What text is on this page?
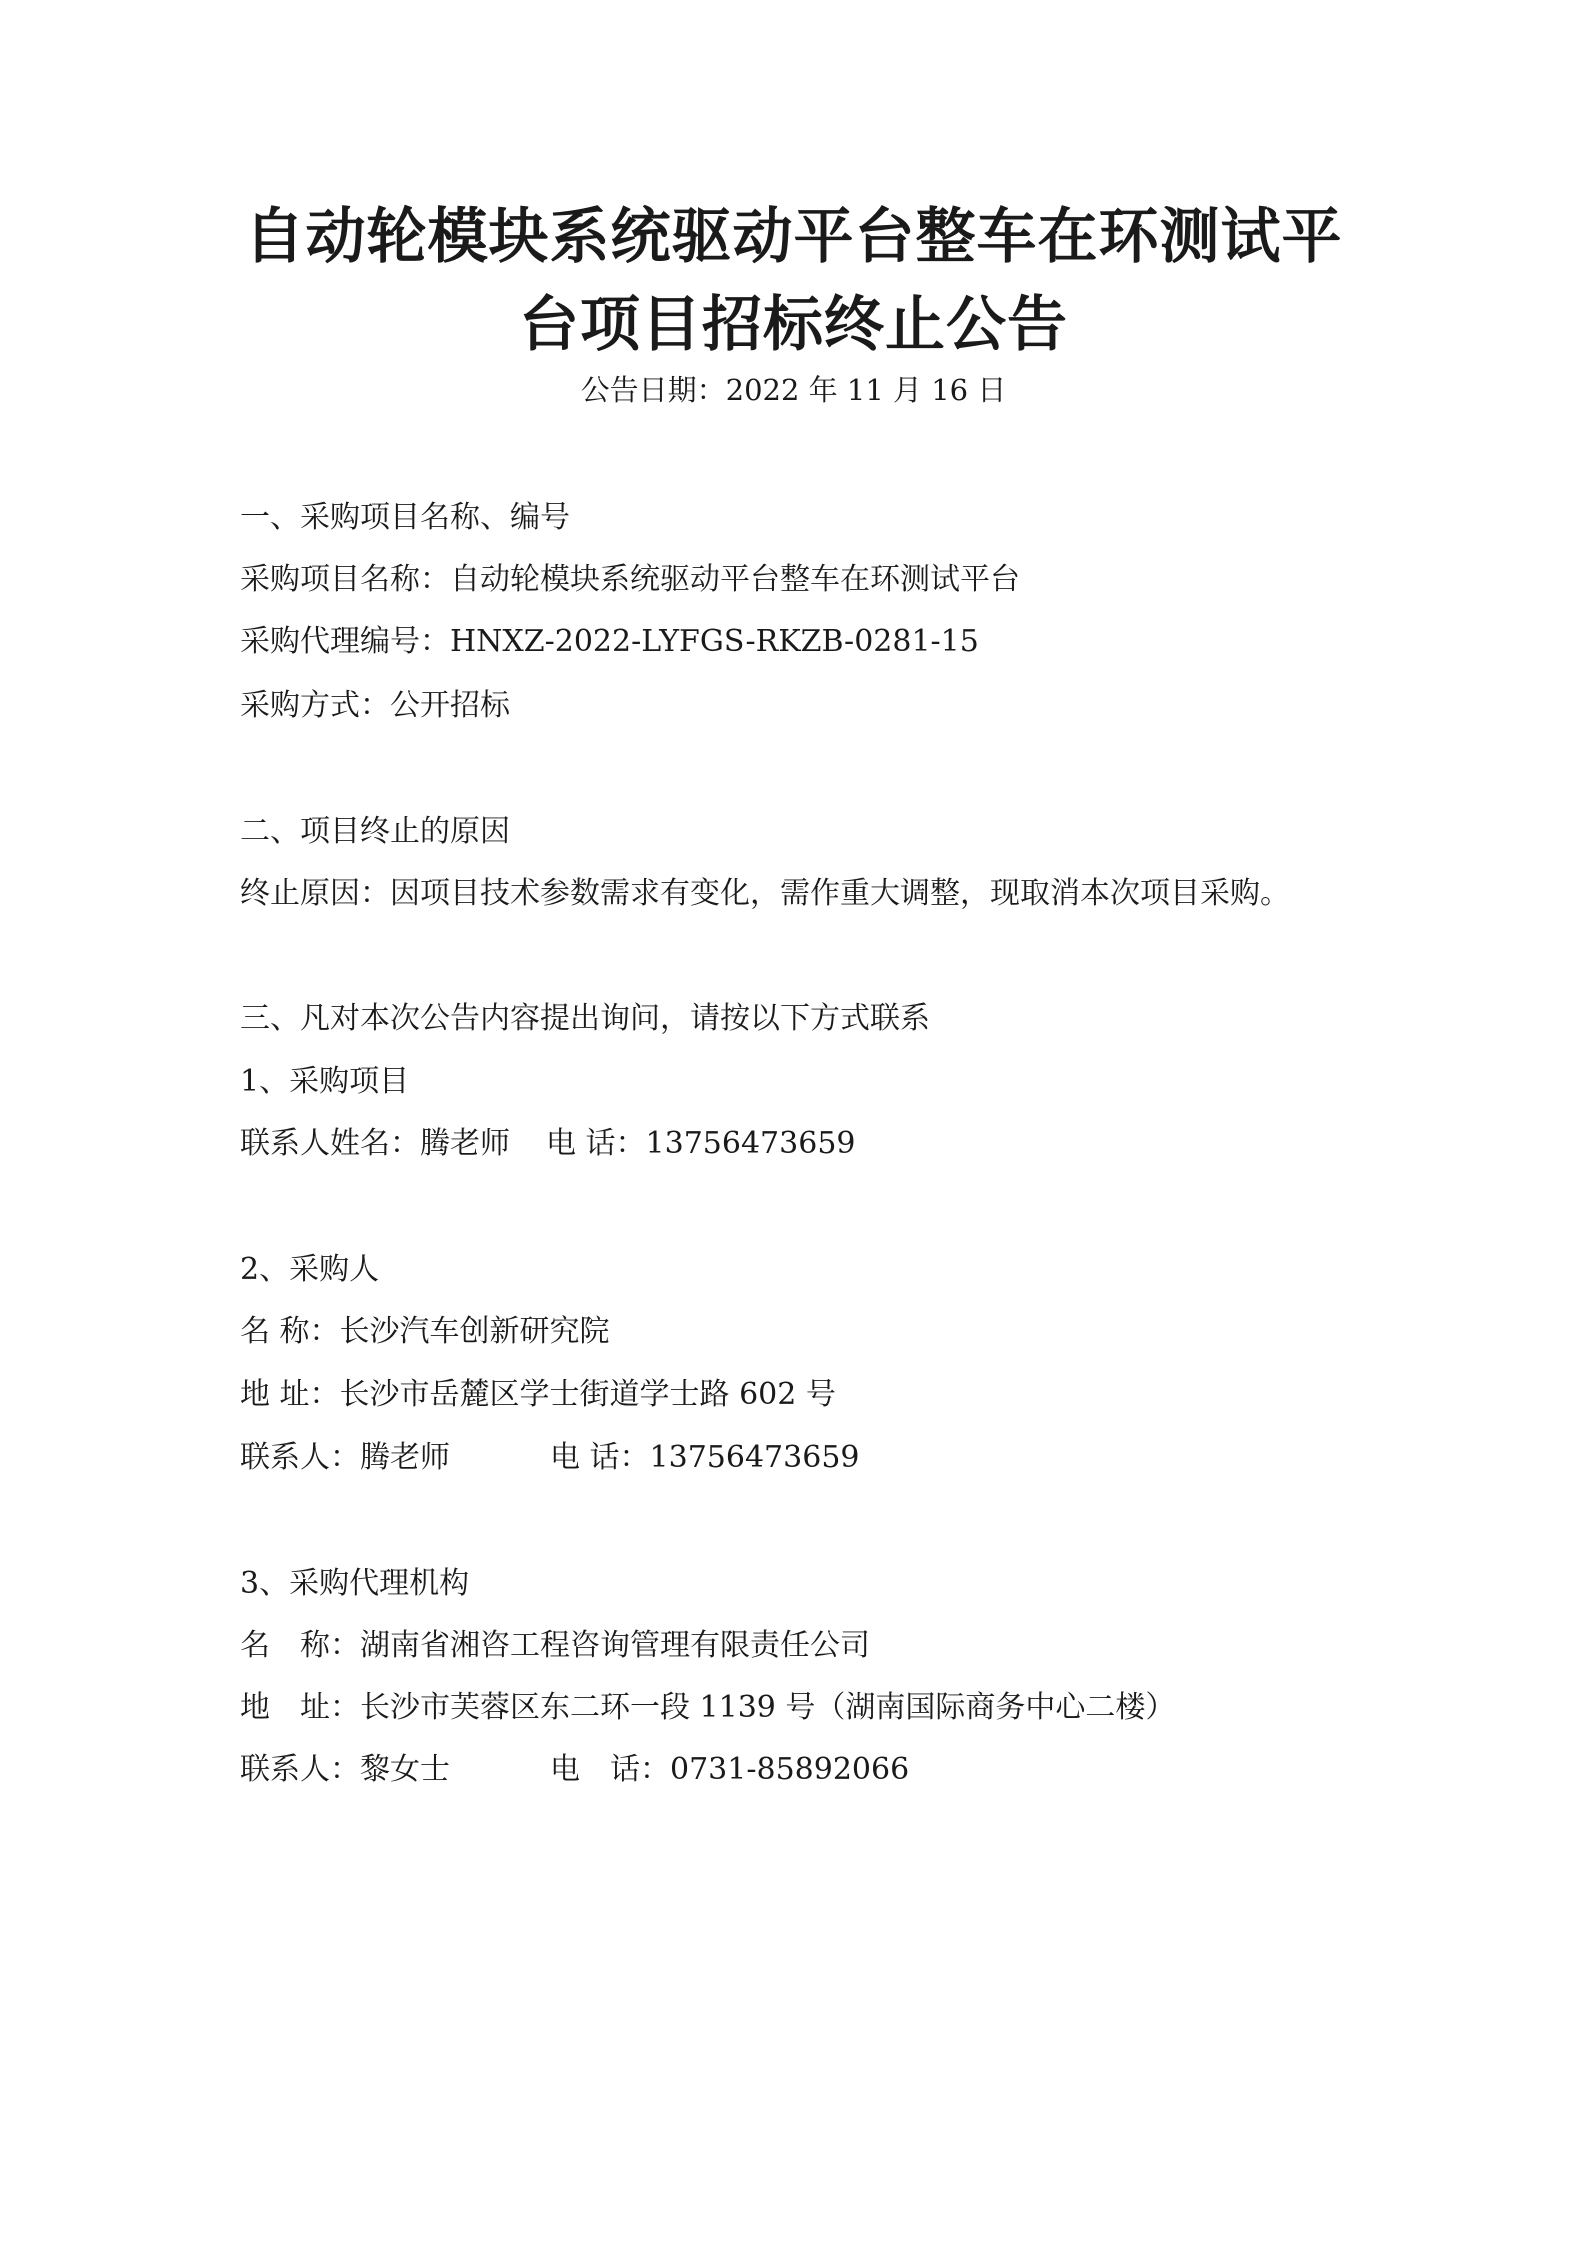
自动轮模块系统驱动平台整车在环测试平
台项目招标终止公告
公告日期：2022 年 11 月 16 日
一、采购项目名称、编号
采购项目名称：自动轮模块系统驱动平台整车在环测试平台
采购代理编号：HNXZ-2022-LYFGS-RKZB-0281-15
采购方式：公开招标
二、项目终止的原因
终止原因：因项目技术参数需求有变化，需作重大调整，现取消本次项目采购。
三、凡对本次公告内容提出询问，请按以下方式联系
1、采购项目
联系人姓名：腾老师 电 话：13756473659
2、采购人
名 称：长沙汽车创新研究院
地 址：长沙市岳麓区学士街道学士路 602 号
联系人：腾老师	电 话：13756473659
3、采购代理机构
名　称：湖南省湘咨工程咨询管理有限责任公司
地　址：长沙市芙蓉区东二环一段 1139 号（湖南国际商务中心二楼）
联系人：黎女士	电　话：0731-85892066
